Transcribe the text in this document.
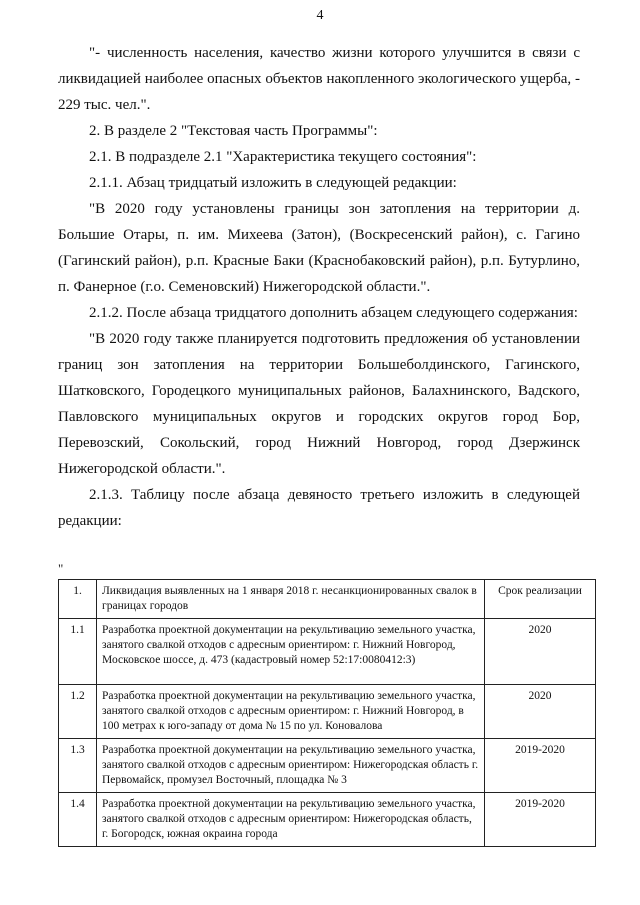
4

"- численность населения, качество жизни которого улучшится в связи с ликвидацией наиболее опасных объектов накопленного экологического ущерба, - 229 тыс. чел.".

2. В разделе 2 "Текстовая часть Программы":

2.1. В подразделе 2.1 "Характеристика текущего состояния":

2.1.1. Абзац тридцатый изложить в следующей редакции:

"В 2020 году установлены границы зон затопления на территории д. Большие Отары, п. им. Михеева (Затон), (Воскресенский район), с. Гагино (Гагинский район), р.п. Красные Баки (Краснобаковский район), р.п. Бутурлино, п. Фанерное (г.о. Семеновский) Нижегородской области.".

2.1.2. После абзаца тридцатого дополнить абзацем следующего содержания:

"В 2020 году также планируется подготовить предложения об установлении границ зон затопления на территории Большеболдинского, Гагинского, Шатковского, Городецкого муниципальных районов, Балахнинского, Вадского, Павловского муниципальных округов и городских округов город Бор, Перевозский, Сокольский, город Нижний Новгород, город Дзержинск Нижегородской области.".

2.1.3. Таблицу после абзаца девяносто третьего изложить в следующей редакции:

"
1.	Ликвидация выявленных на 1 января 2018 г. несанкционированных свалок в границах городов	Срок реализации
1.1	Разработка проектной документации на рекультивацию земельного участка, занятого свалкой отходов с адресным ориентиром: г. Нижний Новгород, Московское шоссе, д. 473 (кадастровый номер 52:17:0080412:3)	2020
1.2	Разработка проектной документации на рекультивацию земельного участка, занятого свалкой отходов с адресным ориентиром: г. Нижний Новгород, в 100 метрах к юго-западу от дома № 15 по ул. Коновалова	2020
1.3	Разработка проектной документации на рекультивацию земельного участка, занятого свалкой отходов с адресным ориентиром: Нижегородская область г. Первомайск, промузел Восточный, площадка № 3	2019-2020
1.4	Разработка проектной документации на рекультивацию земельного участка, занятого свалкой отходов с адресным ориентиром: Нижегородская область, г. Богородск, южная окраина города	2019-2020
